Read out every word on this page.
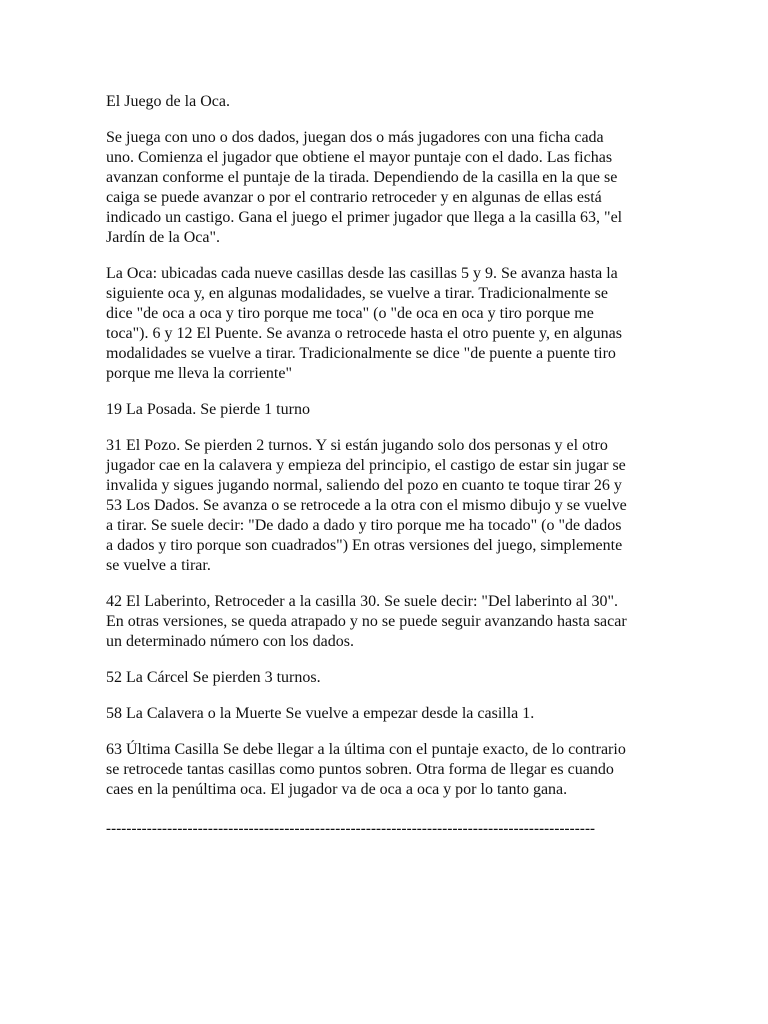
El Juego de la Oca.

Se juega con uno o dos dados, juegan dos o más jugadores con una ficha cada
uno. Comienza el jugador que obtiene el mayor puntaje con el dado. Las fichas
avanzan conforme el puntaje de la tirada. Dependiendo de la casilla en la que se
caiga se puede avanzar o por el contrario retroceder y en algunas de ellas está
indicado un castigo. Gana el juego el primer jugador que llega a la casilla 63, "el
Jardín de la Oca".

La Oca: ubicadas cada nueve casillas desde las casillas 5 y 9. Se avanza hasta la
siguiente oca y, en algunas modalidades, se vuelve a tirar. Tradicionalmente se
dice "de oca a oca y tiro porque me toca" (o "de oca en oca y tiro porque me
toca"). 6 y 12 El Puente. Se avanza o retrocede hasta el otro puente y, en algunas
modalidades se vuelve a tirar. Tradicionalmente se dice "de puente a puente tiro
porque me lleva la corriente"

19 La Posada. Se pierde 1 turno

31 El Pozo. Se pierden 2 turnos. Y si están jugando solo dos personas y el otro
jugador cae en la calavera y empieza del principio, el castigo de estar sin jugar se
invalida y sigues jugando normal, saliendo del pozo en cuanto te toque tirar 26 y
53 Los Dados. Se avanza o se retrocede a la otra con el mismo dibujo y se vuelve
a tirar. Se suele decir: "De dado a dado y tiro porque me ha tocado" (o "de dados
a dados y tiro porque son cuadrados") En otras versiones del juego, simplemente
se vuelve a tirar.

42 El Laberinto, Retroceder a la casilla 30. Se suele decir: "Del laberinto al 30".
En otras versiones, se queda atrapado y no se puede seguir avanzando hasta sacar
un determinado número con los dados.

52 La Cárcel Se pierden 3 turnos.

58 La Calavera o la Muerte Se vuelve a empezar desde la casilla 1.

63 Última Casilla Se debe llegar a la última con el puntaje exacto, de lo contrario
se retrocede tantas casillas como puntos sobren. Otra forma de llegar es cuando
caes en la penúltima oca. El jugador va de oca a oca y por lo tanto gana.

------------------------------------------------------------------------------------------------
